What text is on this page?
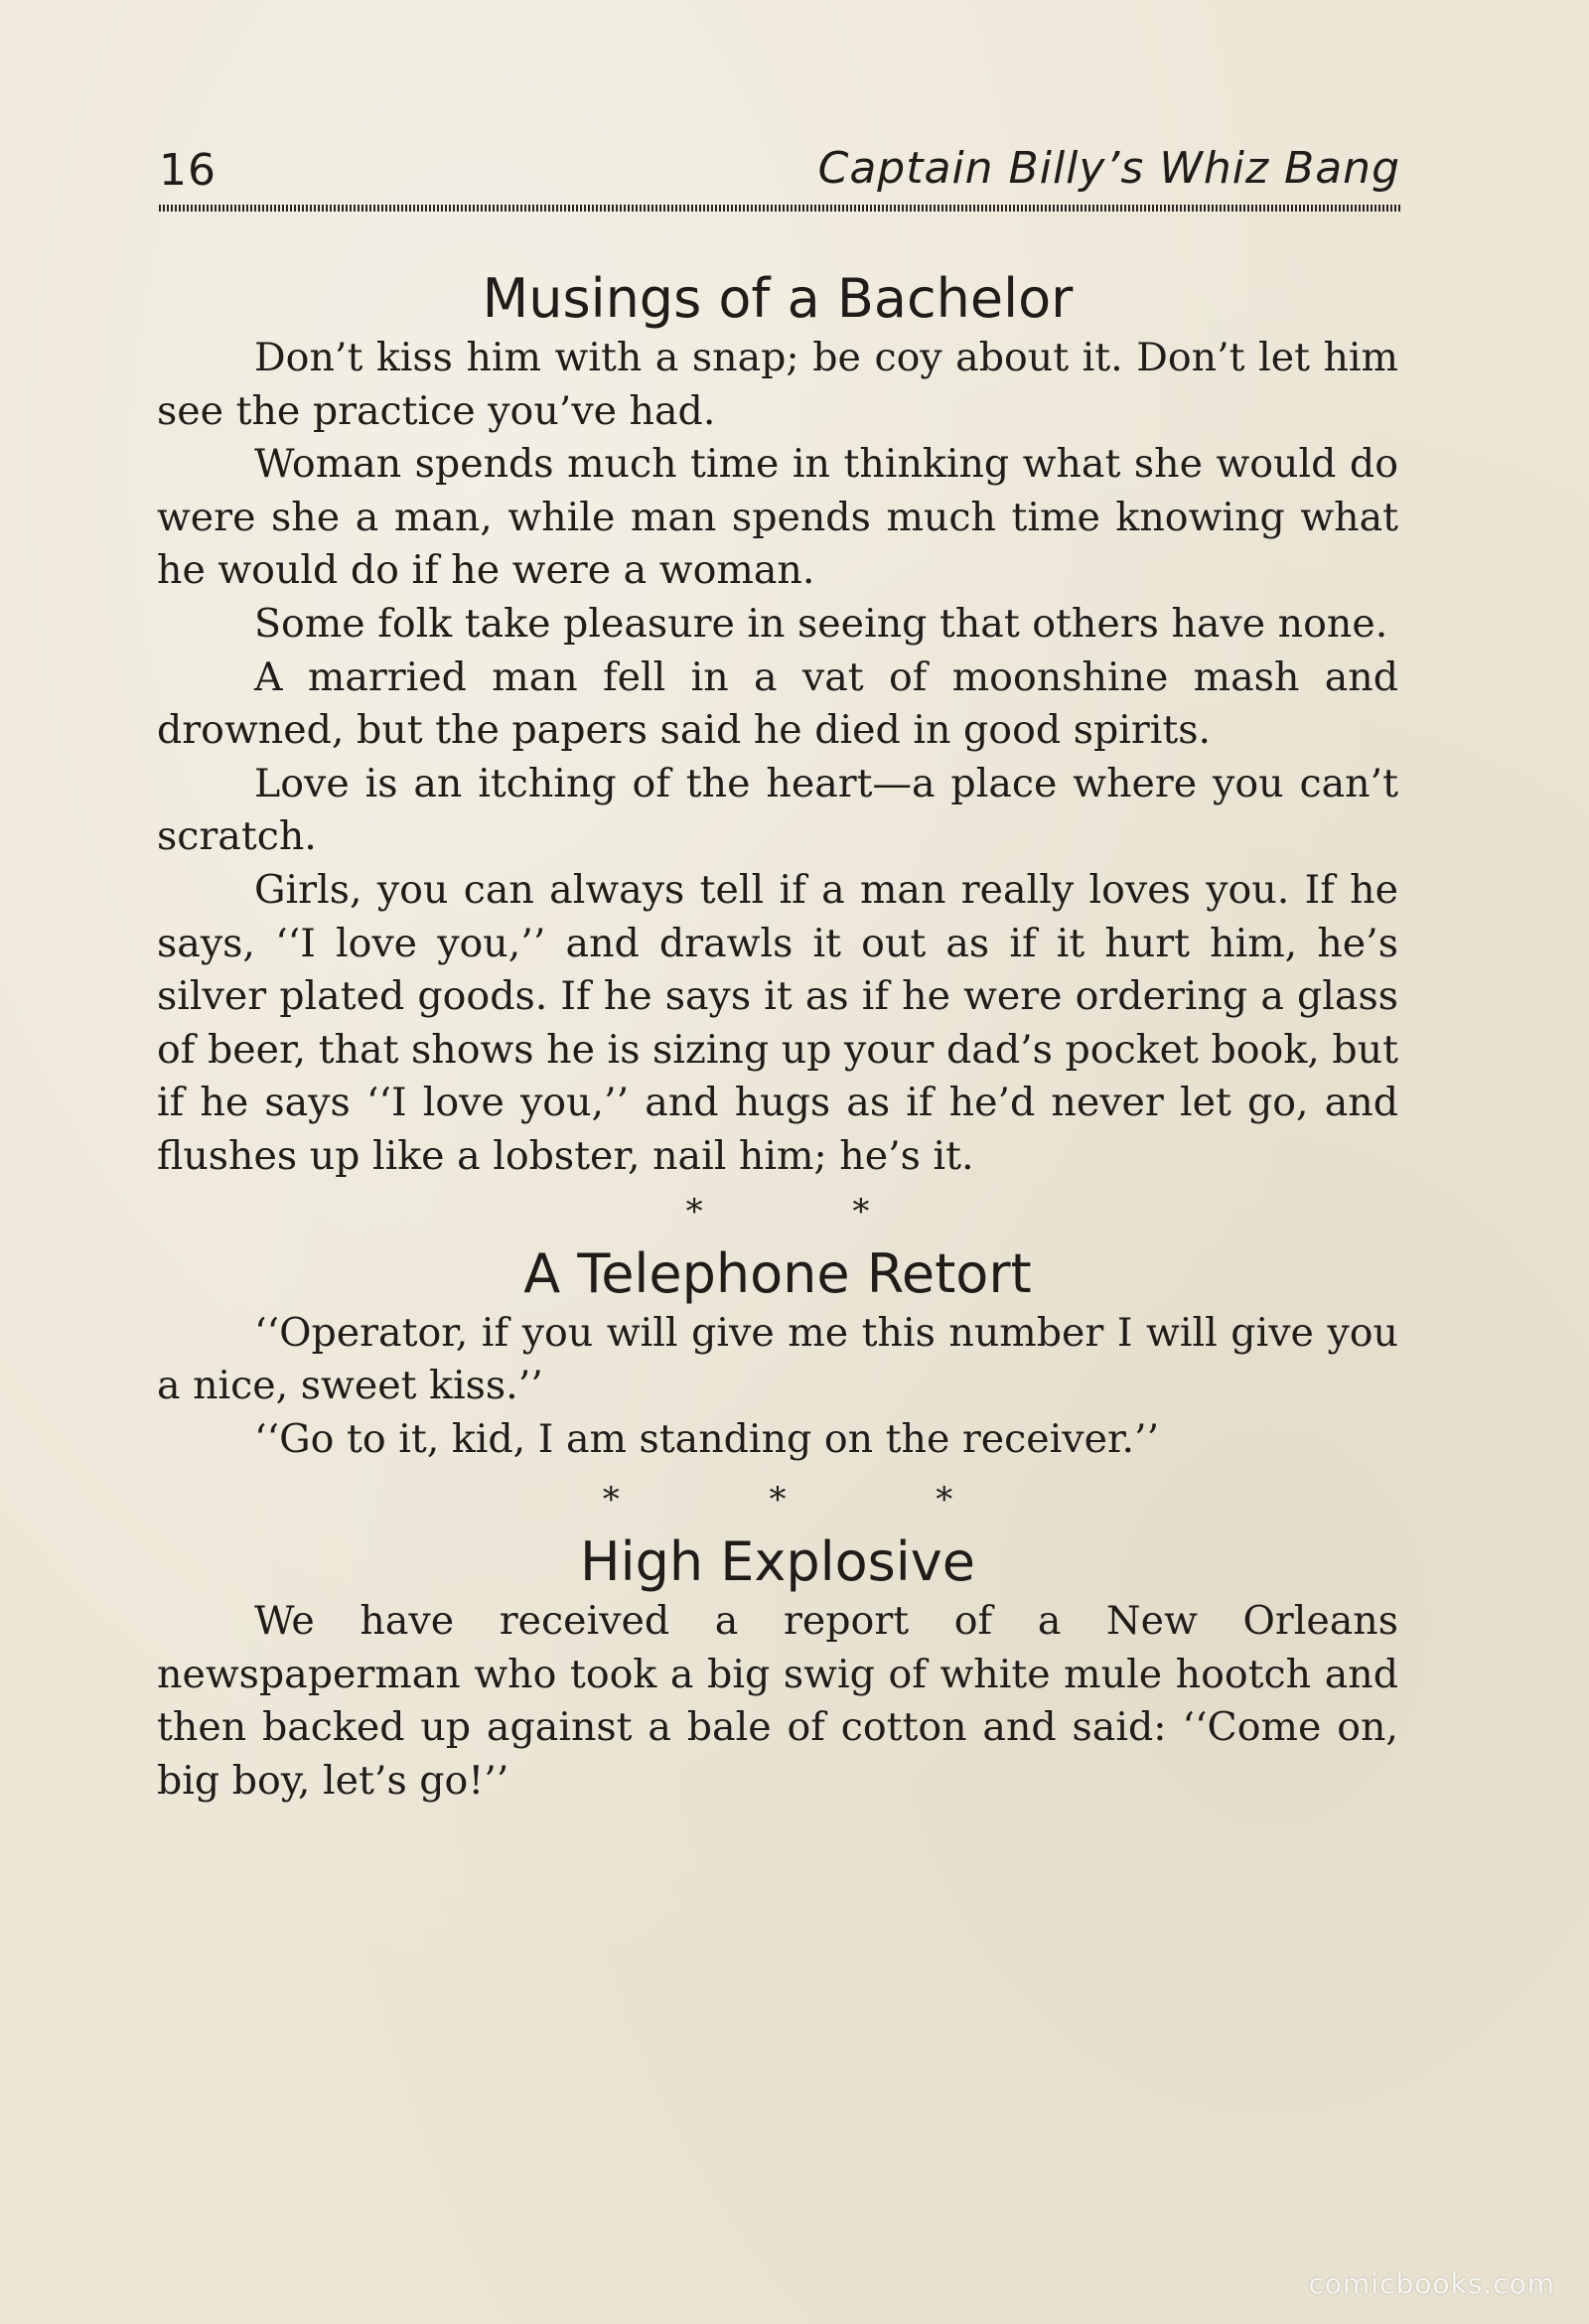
16	Captain Billy’s Whiz Bang
Musings of a Bachelor

Don’t kiss him with a snap; be coy about it. Don’t let him see the practice you’ve had.

Woman spends much time in thinking what she would do were she a man, while man spends much time knowing what he would do if he were a woman.

Some folk take pleasure in seeing that others have none.

A married man fell in a vat of moonshine mash and drowned, but the papers said he died in good spirits.

Love is an itching of the heart—a place where you can’t scratch.

Girls, you can always tell if a man really loves you. If he says, ‘‘I love you,’’ and drawls it out as if it hurt him, he’s silver plated goods. If he says it as if he were ordering a glass of beer, that shows he is sizing up your dad’s pocket book, but if he says ‘‘I love you,’’ and hugs as if he’d never let go, and flushes up like a lobster, nail him; he’s it.

* *
A Telephone Retort

‘‘Operator, if you will give me this number I will give you a nice, sweet kiss.’’

‘‘Go to it, kid, I am standing on the receiver.’’

* * *
High Explosive

We have received a report of a New Orleans newspaperman who took a big swig of white mule hootch and then backed up against a bale of cotton and said: ‘‘Come on, big boy, let’s go!’’

comicbooks.com
